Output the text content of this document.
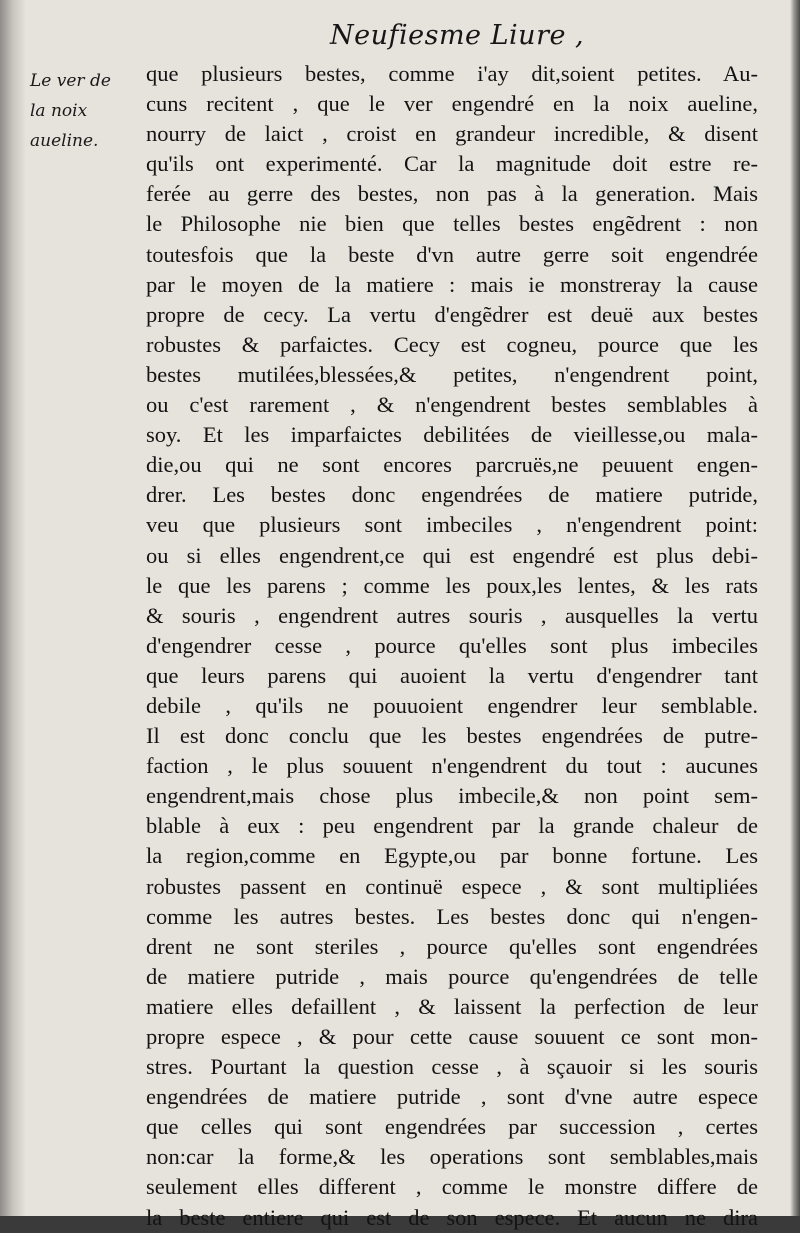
Neufiesme Liure ,
Le ver de
la noix
aueline.
que plusieurs bestes, comme i'ay dit,soient petites. Au-
cuns recitent , que le ver engendré en la noix aueline,
nourry de laict , croist en grandeur incredible, & disent
qu'ils ont experimenté. Car la magnitude doit estre re-
ferée au gerre des bestes, non pas à la generation. Mais
le Philosophe nie bien que telles bestes engẽdrent : non
toutesfois que la beste d'vn autre gerre soit engendrée
par le moyen de la matiere : mais ie monstreray la cause
propre de cecy. La vertu d'engẽdrer est deuë aux bestes
robustes & parfaictes. Cecy est cogneu, pource que les
bestes mutilées,blessées,& petites, n'engendrent point,
ou c'est rarement , & n'engendrent bestes semblables à
soy. Et les imparfaictes debilitées de vieillesse,ou mala-
die,ou qui ne sont encores parcruës,ne peuuent engen-
drer. Les bestes donc engendrées de matiere putride,
veu que plusieurs sont imbeciles , n'engendrent point:
ou si elles engendrent,ce qui est engendré est plus debi-
le que les parens ; comme les poux,les lentes, & les rats
& souris , engendrent autres souris , ausquelles la vertu
d'engendrer cesse , pource qu'elles sont plus imbeciles
que leurs parens qui auoient la vertu d'engendrer tant
debile , qu'ils ne pouuoient engendrer leur semblable.
Il est donc conclu que les bestes engendrées de putre-
faction , le plus souuent n'engendrent du tout : aucunes
engendrent,mais chose plus imbecile,& non point sem-
blable à eux : peu engendrent par la grande chaleur de
la region,comme en Egypte,ou par bonne fortune. Les
robustes passent en continuë espece , & sont multipliées
comme les autres bestes. Les bestes donc qui n'engen-
drent ne sont steriles , pource qu'elles sont engendrées
de matiere putride , mais pource qu'engendrées de telle
matiere elles defaillent , & laissent la perfection de leur
propre espece , & pour cette cause souuent ce sont mon-
stres. Pourtant la question cesse , à sçauoir si les souris
engendrées de matiere putride , sont d'vne autre espece
que celles qui sont engendrées par succession , certes
non:car la forme,& les operations sont semblables,mais
seulement elles different , comme le monstre differe de
la beste entiere qui est de son espece. Et aucun ne dira
